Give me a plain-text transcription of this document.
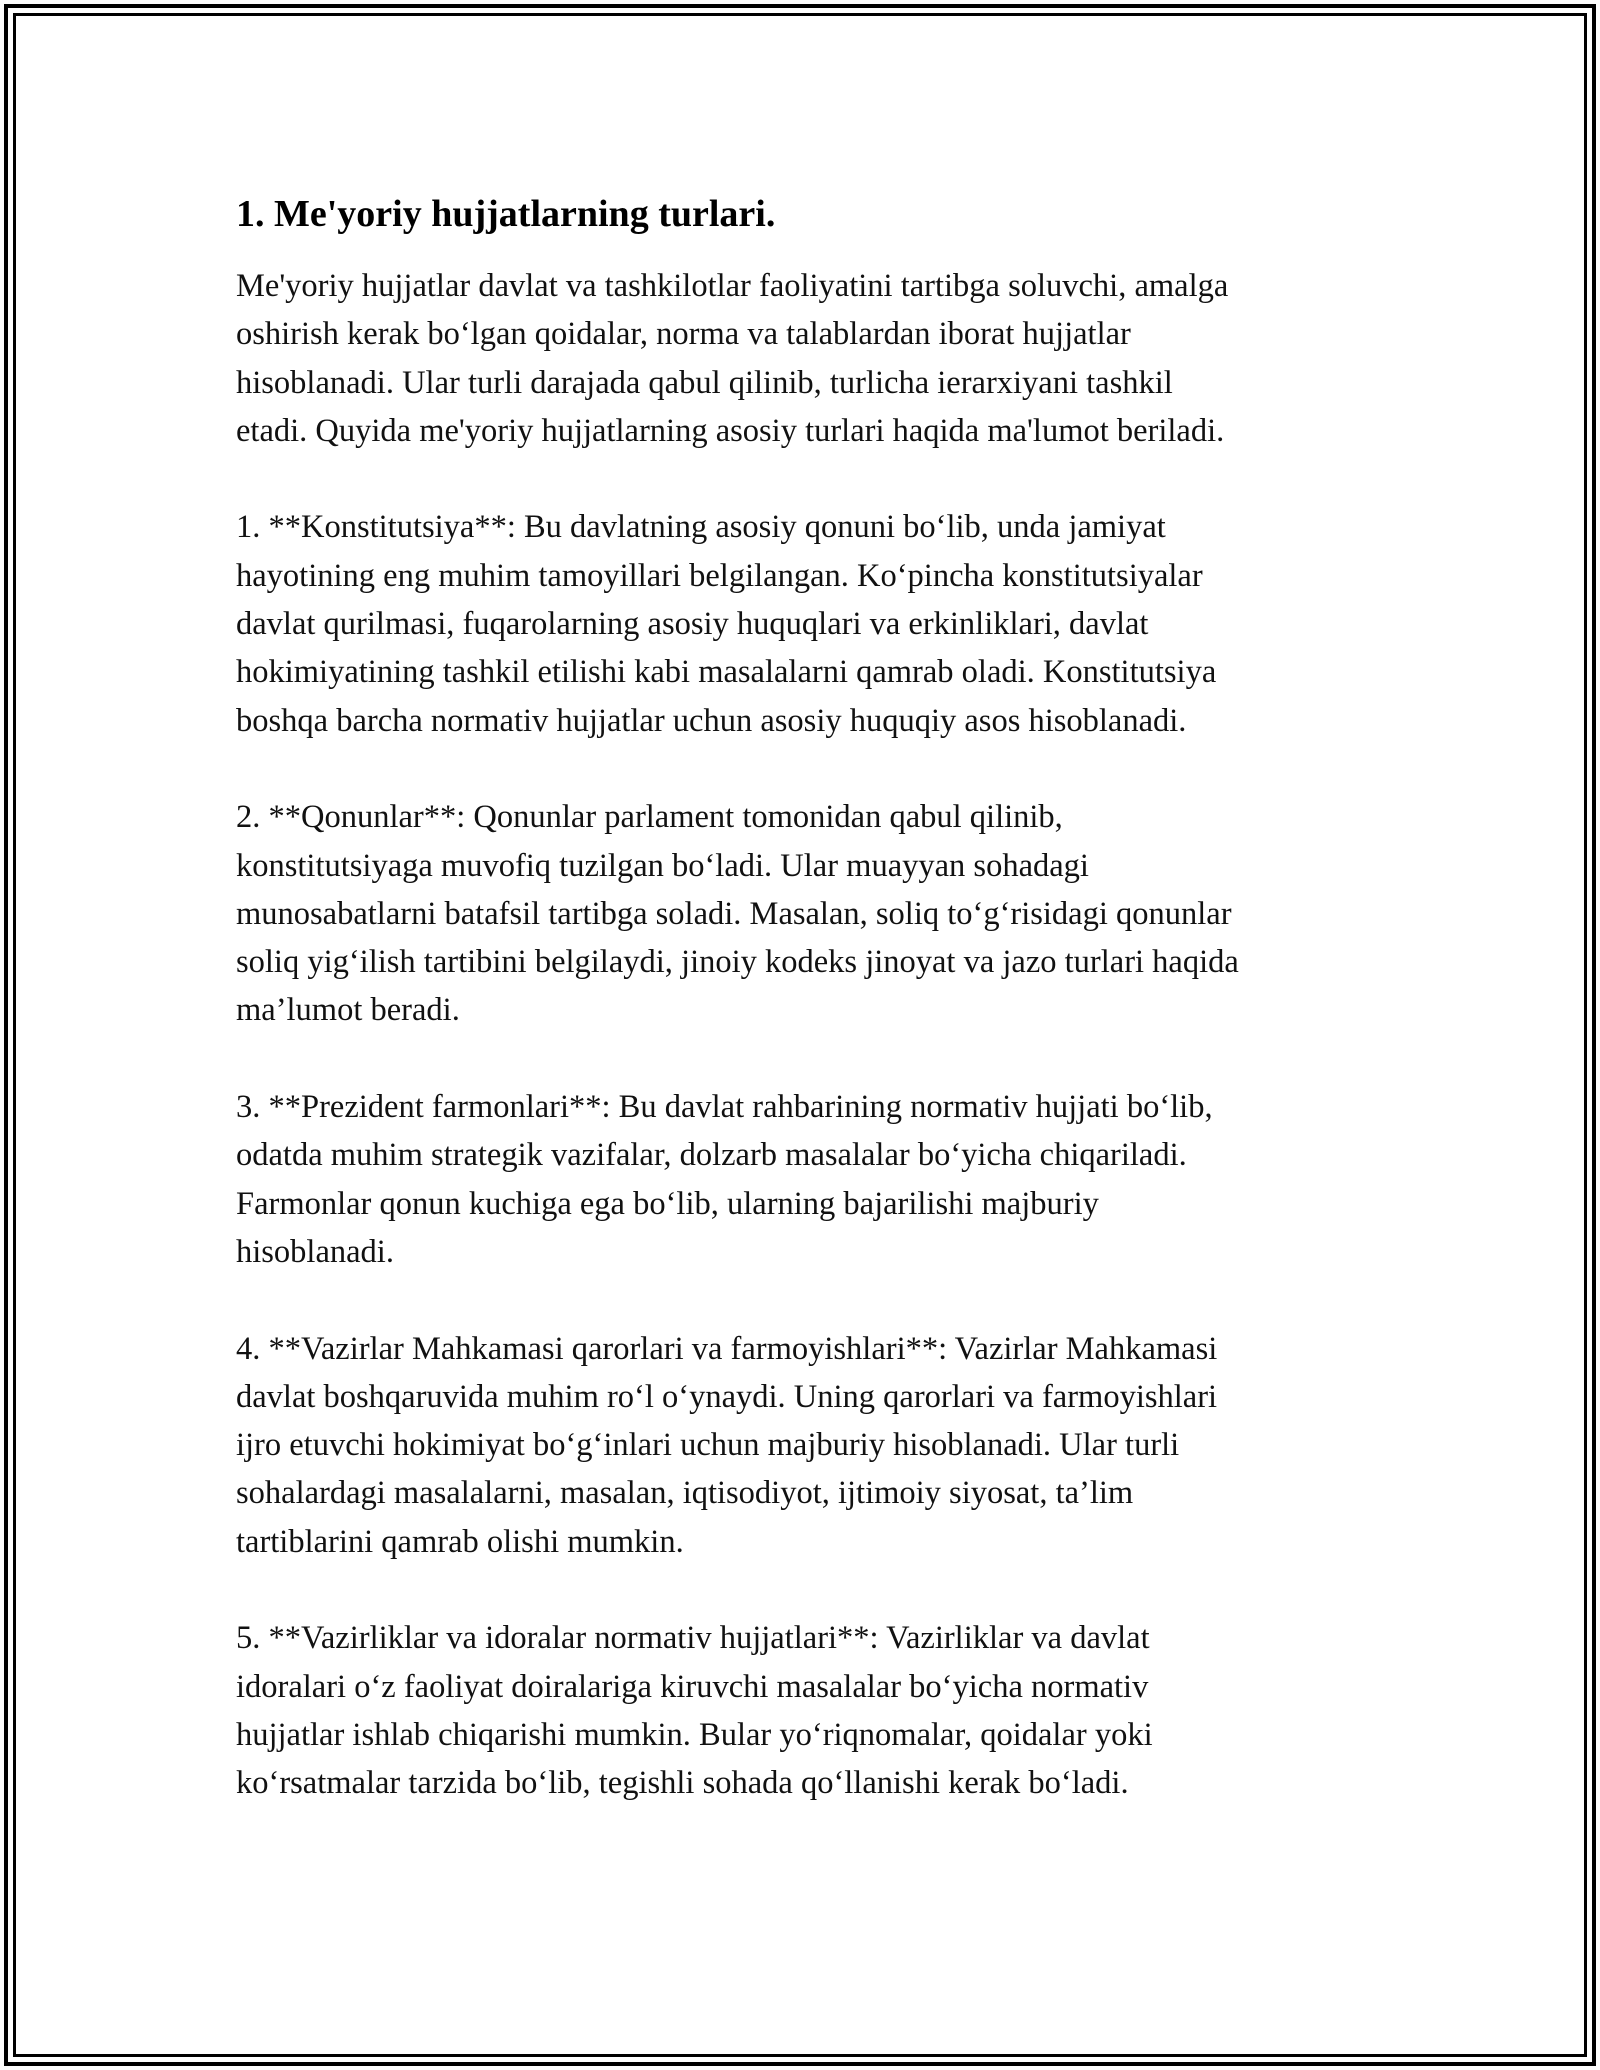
1. Me'yoriy hujjatlarning turlari.

Me'yoriy hujjatlar davlat va tashkilotlar faoliyatini tartibga soluvchi, amalga
oshirish kerak bo‘lgan qoidalar, norma va talablardan iborat hujjatlar
hisoblanadi. Ular turli darajada qabul qilinib, turlicha ierarxiyani tashkil
etadi. Quyida me'yoriy hujjatlarning asosiy turlari haqida ma'lumot beriladi.

1. **Konstitutsiya**: Bu davlatning asosiy qonuni bo‘lib, unda jamiyat
hayotining eng muhim tamoyillari belgilangan. Ko‘pincha konstitutsiyalar
davlat qurilmasi, fuqarolarning asosiy huquqlari va erkinliklari, davlat
hokimiyatining tashkil etilishi kabi masalalarni qamrab oladi. Konstitutsiya
boshqa barcha normativ hujjatlar uchun asosiy huquqiy asos hisoblanadi.

2. **Qonunlar**: Qonunlar parlament tomonidan qabul qilinib,
konstitutsiyaga muvofiq tuzilgan bo‘ladi. Ular muayyan sohadagi
munosabatlarni batafsil tartibga soladi. Masalan, soliq to‘g‘risidagi qonunlar
soliq yig‘ilish tartibini belgilaydi, jinoiy kodeks jinoyat va jazo turlari haqida
ma’lumot beradi.

3. **Prezident farmonlari**: Bu davlat rahbarining normativ hujjati bo‘lib,
odatda muhim strategik vazifalar, dolzarb masalalar bo‘yicha chiqariladi.
Farmonlar qonun kuchiga ega bo‘lib, ularning bajarilishi majburiy
hisoblanadi.

4. **Vazirlar Mahkamasi qarorlari va farmoyishlari**: Vazirlar Mahkamasi
davlat boshqaruvida muhim ro‘l o‘ynaydi. Uning qarorlari va farmoyishlari
ijro etuvchi hokimiyat bo‘g‘inlari uchun majburiy hisoblanadi. Ular turli
sohalardagi masalalarni, masalan, iqtisodiyot, ijtimoiy siyosat, ta’lim
tartiblarini qamrab olishi mumkin.

5. **Vazirliklar va idoralar normativ hujjatlari**: Vazirliklar va davlat
idoralari o‘z faoliyat doiralariga kiruvchi masalalar bo‘yicha normativ
hujjatlar ishlab chiqarishi mumkin. Bular yo‘riqnomalar, qoidalar yoki
ko‘rsatmalar tarzida bo‘lib, tegishli sohada qo‘llanishi kerak bo‘ladi.
